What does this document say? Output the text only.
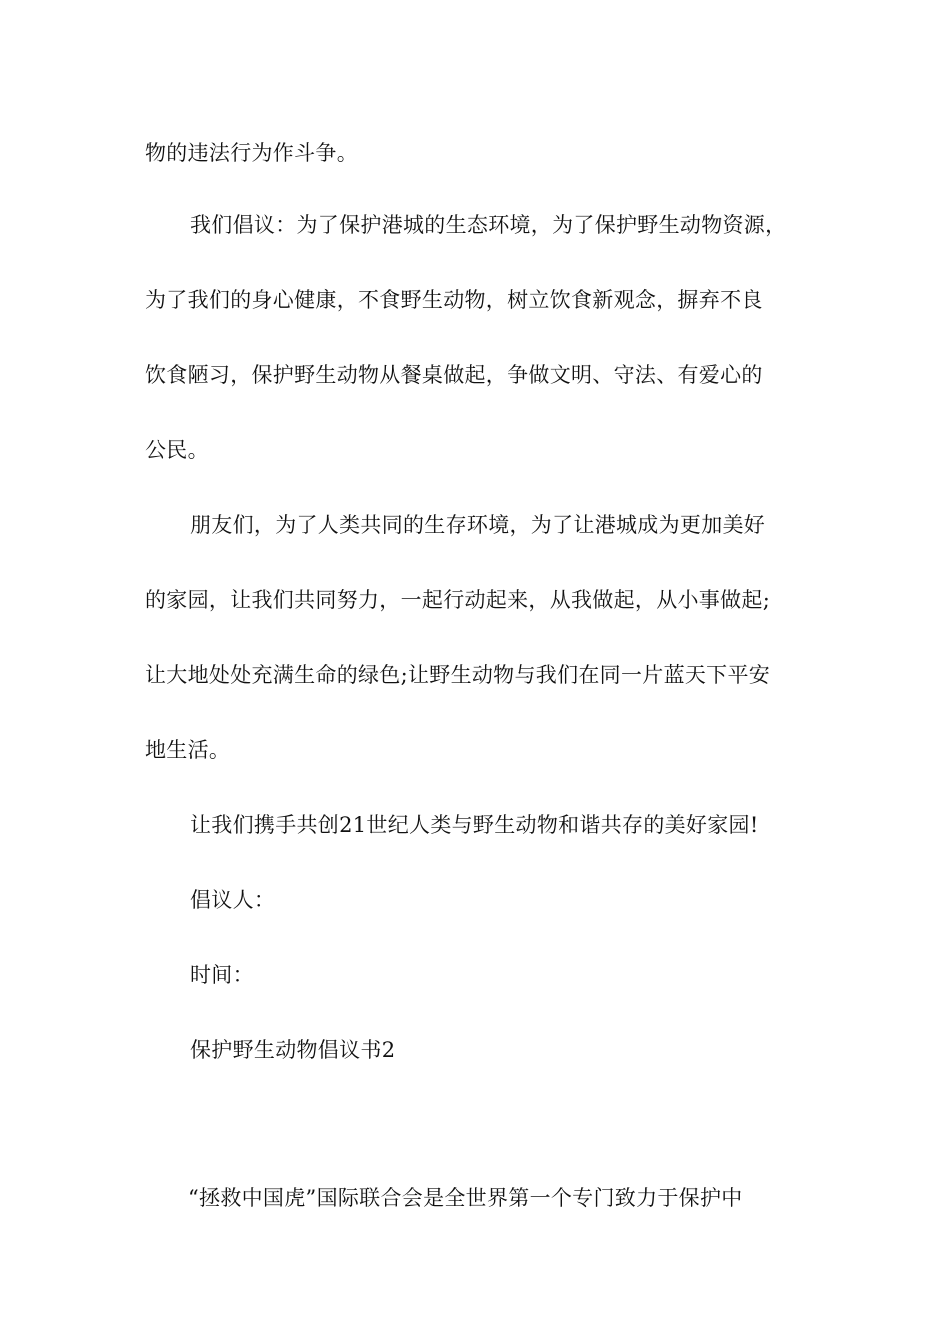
物的违法行为作斗争。
我们倡议：为了保护港城的生态环境，为了保护野生动物资源，
为了我们的身心健康，不食野生动物，树立饮食新观念，摒弃不良
饮食陋习，保护野生动物从餐桌做起，争做文明、守法、有爱心的
公民。
朋友们，为了人类共同的生存环境，为了让港城成为更加美好
的家园，让我们共同努力，一起行动起来，从我做起，从小事做起;
让大地处处充满生命的绿色;让野生动物与我们在同一片蓝天下平安
地生活。
让我们携手共创21世纪人类与野生动物和谐共存的美好家园!
倡议人：
时间：
保护野生动物倡议书2
“拯救中国虎”国际联合会是全世界第一个专门致力于保护中
